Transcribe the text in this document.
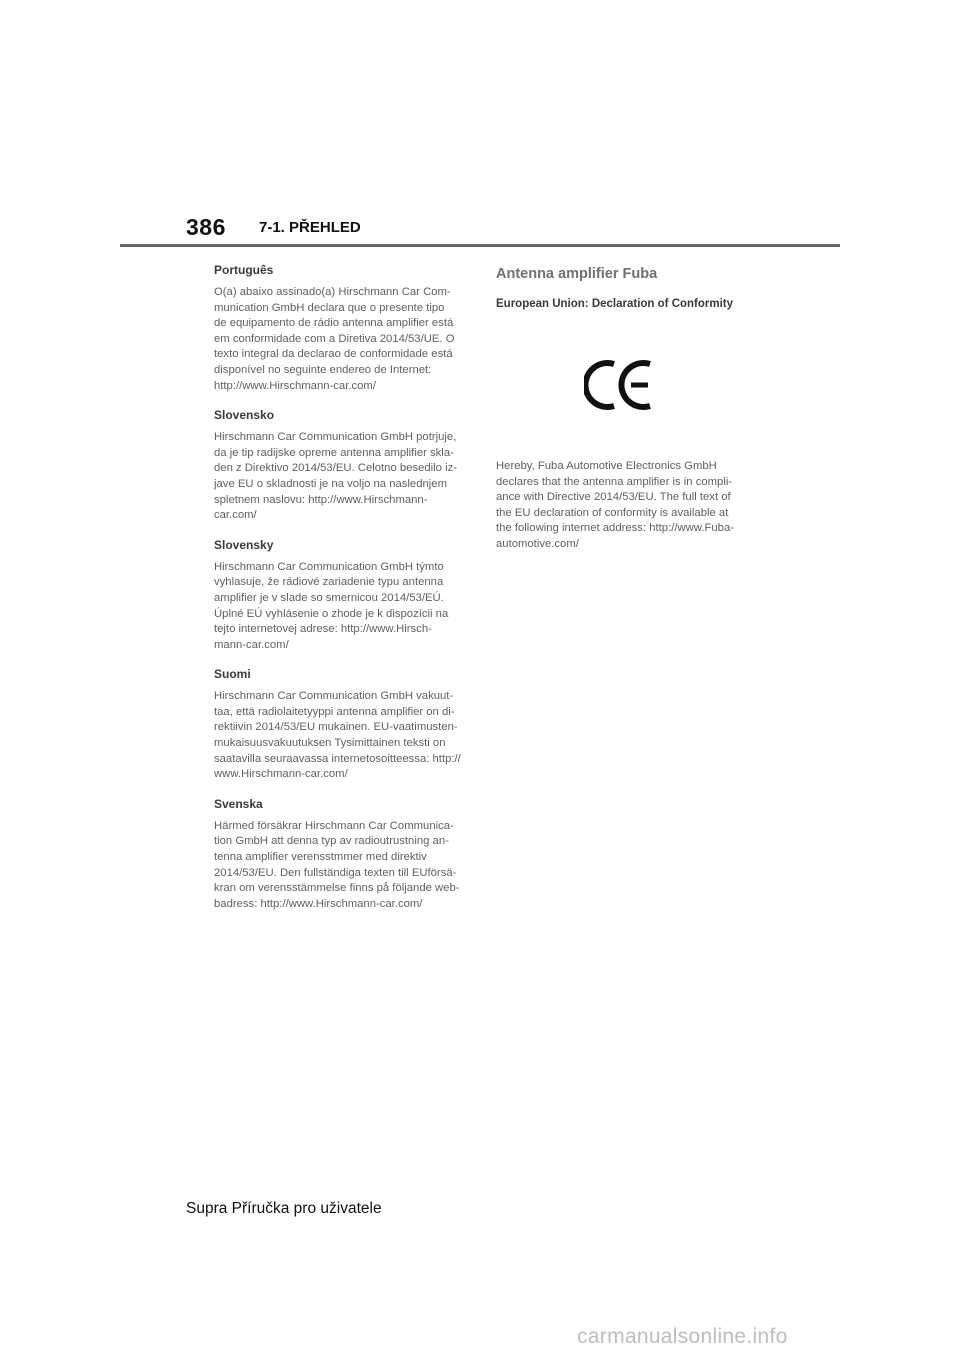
386 7-1. PŘEHLED

Português

O(a) abaixo assinado(a) Hirschmann Car Com-
munication GmbH declara que o presente tipo
de equipamento de rádio antenna amplifier está
em conformidade com a Diretiva 2014/53/UE. O
texto integral da declarao de conformidade está
disponível no seguinte endereo de Internet:
http://www.Hirschmann-car.com/

Slovensko

Hirschmann Car Communication GmbH potrjuje,
da je tip radijske opreme antenna amplifier skla-
den z Direktivo 2014/53/EU. Celotno besedilo iz-
jave EU o skladnosti je na voljo na naslednjem
spletnem naslovu: http://www.Hirschmann-
car.com/

Slovensky

Hirschmann Car Communication GmbH týmto
vyhlasuje, že rádiové zariadenie typu antenna
amplifier je v slade so smernicou 2014/53/EÚ.
Úplné EÚ vyhlásenie o zhode je k dispozícii na
tejto internetovej adrese: http://www.Hirsch-
mann-car.com/

Suomi

Hirschmann Car Communication GmbH vakuut-
taa, että radiolaitetyyppi antenna amplifier on di-
rektiivin 2014/53/EU mukainen. EU-vaatimusten-
mukaisuusvakuutuksen Tysimittainen teksti on
saatavilla seuraavassa internetosoitteessa: http://
www.Hirschmann-car.com/

Svenska

Härmed försäkrar Hirschmann Car Communica-
tion GmbH att denna typ av radioutrustning an-
tenna amplifier verensstmmer med direktiv
2014/53/EU. Den fullständiga texten till EUförsä-
kran om verensstämmelse finns på följande web-
badress: http://www.Hirschmann-car.com/

Antenna amplifier Fuba

European Union: Declaration of Conformity

Hereby, Fuba Automotive Electronics GmbH
declares that the antenna amplifier is in compli-
ance with Directive 2014/53/EU. The full text of
the EU declaration of conformity is available at
the following internet address: http://www.Fuba-
automotive.com/

Supra Příručka pro uživatele
carmanualsonline.info
